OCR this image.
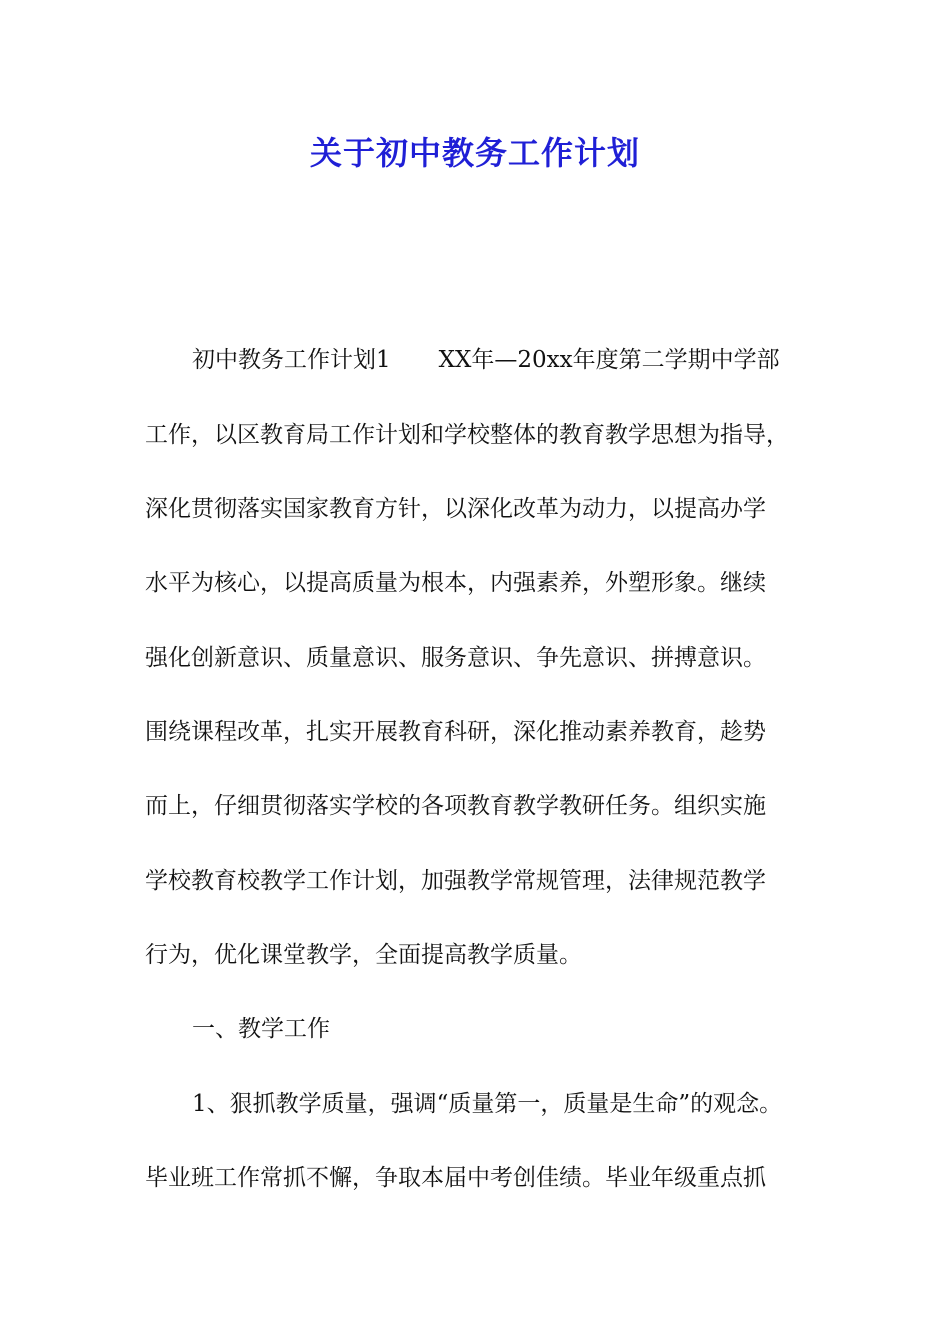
关于初中教务工作计划
初中教务工作计划1 XX年—20xx年度第二学期中学部
工作，以区教育局工作计划和学校整体的教育教学思想为指导，
深化贯彻落实国家教育方针，以深化改革为动力，以提高办学
水平为核心，以提高质量为根本，内强素养，外塑形象。继续
强化创新意识、质量意识、服务意识、争先意识、拼搏意识。
围绕课程改革，扎实开展教育科研，深化推动素养教育，趁势
而上，仔细贯彻落实学校的各项教育教学教研任务。组织实施
学校教育校教学工作计划，加强教学常规管理，法律规范教学
行为，优化课堂教学，全面提高教学质量。
一、教学工作
1、狠抓教学质量，强调“质量第一，质量是生命”的观念。
毕业班工作常抓不懈，争取本届中考创佳绩。毕业年级重点抓
